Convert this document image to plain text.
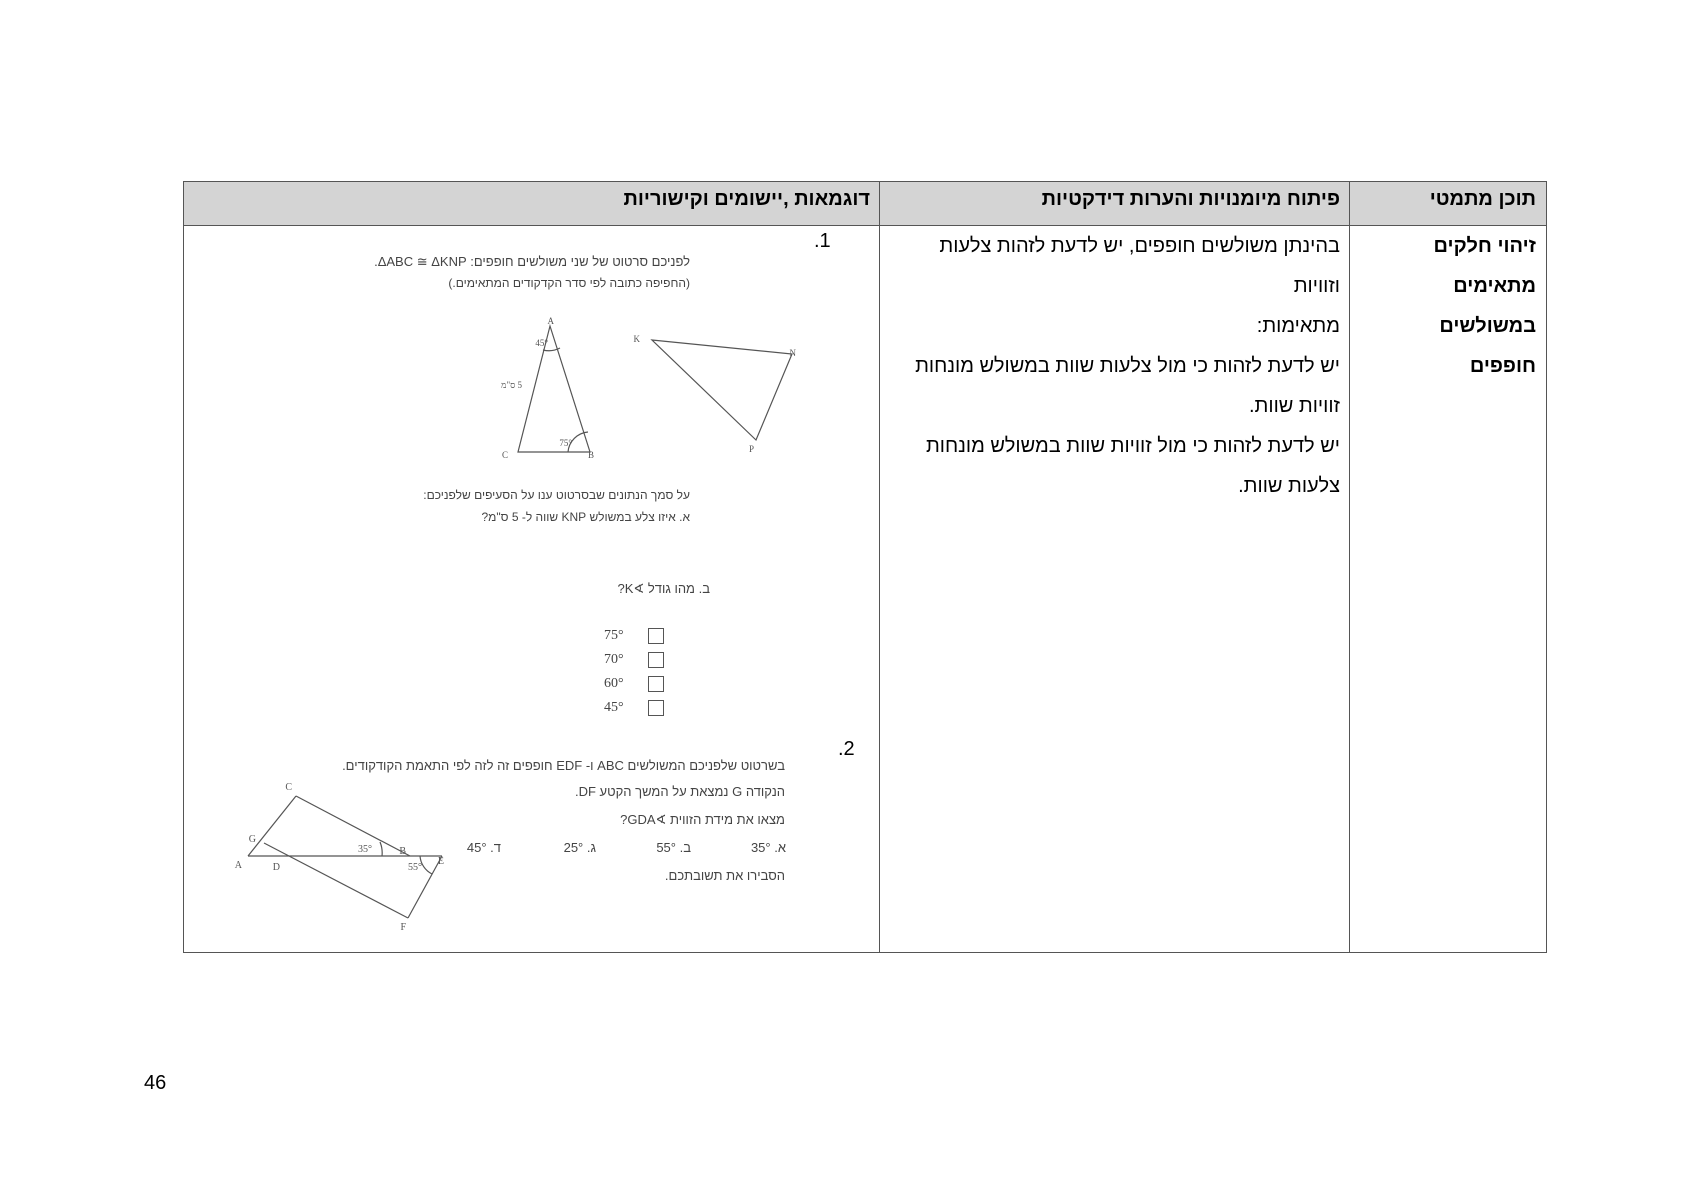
תוכן מתמטי
פיתוח מיומנויות והערות דידקטיות
דוגמאות ,יישומים וקישוריות
זיהוי חלקים
מתאימים במשולשים
חופפים

בהינתן משולשים חופפים, יש לדעת לזהות צלעות וזוויות

מתאימות:

יש לדעת לזהות כי מול צלעות שוות במשולש מונחות

זוויות שוות.

יש לדעת לזהות כי מול זוויות שוות במשולש מונחות

צלעות שוות.

.1
לפניכם סרטוט של שני משולשים חופפים: ΔABC ≅ ΔKNP.
(החפיפה כתובה לפי סדר הקדקודים המתאימים.)
A
B
C
45°
75°
5 ס"מ
K
N
P
על סמך הנתונים שבסרטוט ענו על הסעיפים שלפניכם:
א. איזו צלע במשולש KNP שווה ל- 5 ס"מ?
ב. מהו גודל ∢K?
75°
70°
60°
45°
.2
בשרטוט שלפניכם המשולשים ABC ו- EDF חופפים זה לזה לפי התאמת הקודקודים.
הנקודה G נמצאת על המשך הקטע DF.
מצאו את מידת הזווית ∢GDA?
א. 35°
ב. 55°
ג. 25°
ד. 45°
הסבירו את תשובתכם.
C
G
A	D
B
E
F
35°
55°
46
